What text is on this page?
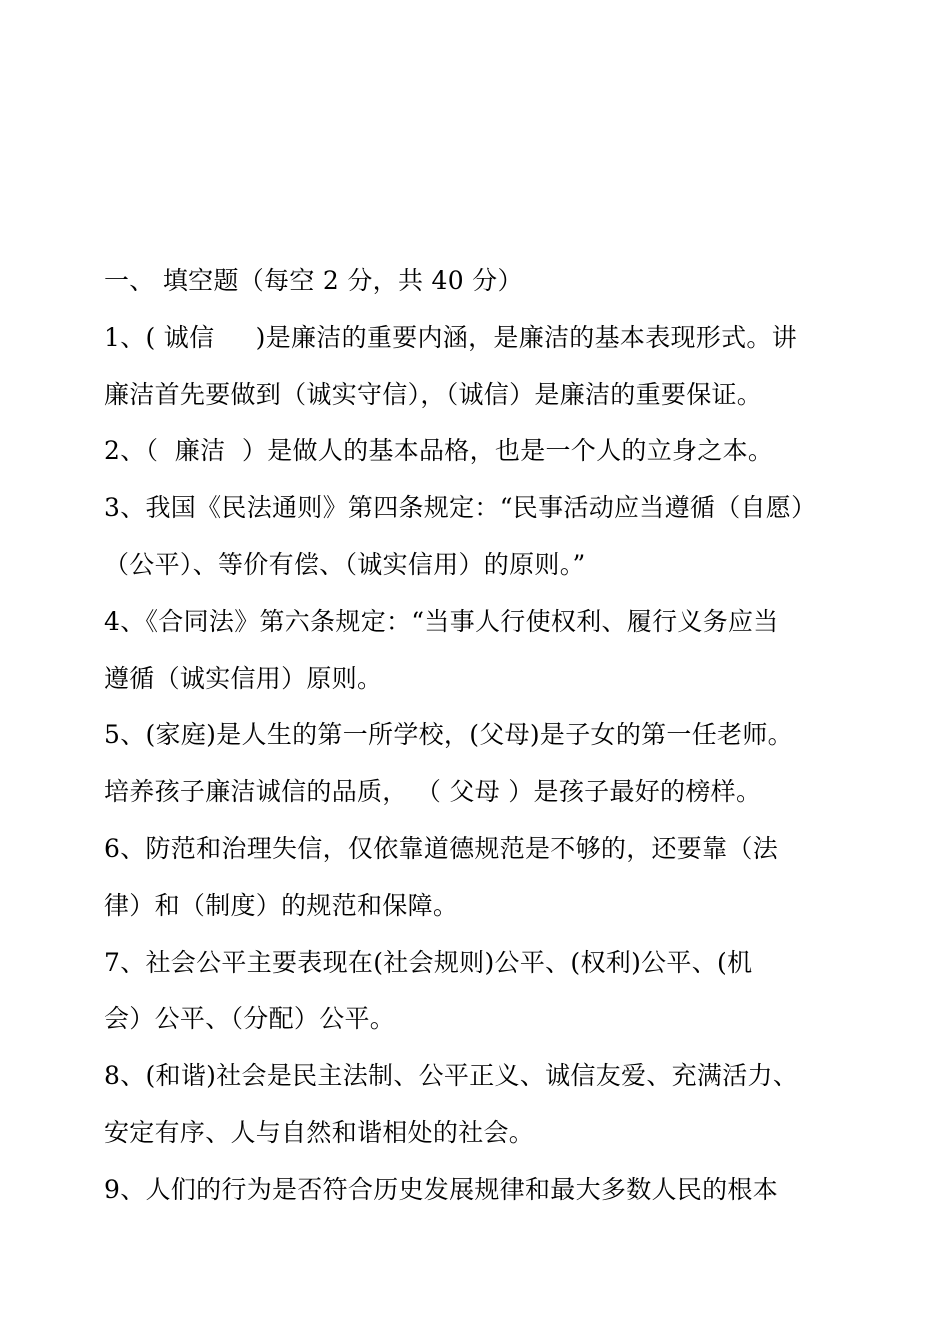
一、 填空题（每空 2 分，共 40 分）
1、( 诚信     )是廉洁的重要内涵，是廉洁的基本表现形式。讲
廉洁首先要做到（诚实守信），（诚信）是廉洁的重要保证。
2、（  廉洁  ）是做人的基本品格，也是一个人的立身之本。
3、我国《民法通则》第四条规定：“民事活动应当遵循（自愿）
（公平）、等价有偿、（诚实信用）的原则。”
4、《合同法》第六条规定：“当事人行使权利、履行义务应当
遵循（诚实信用）原则。
5、(家庭)是人生的第一所学校，(父母)是子女的第一任老师。
培养孩子廉洁诚信的品质， （ 父母 ）是孩子最好的榜样。
6、防范和治理失信，仅依靠道德规范是不够的，还要靠（法
律）和（制度）的规范和保障。
7、社会公平主要表现在(社会规则)公平、(权利)公平、(机
会）公平、（分配）公平。
8、(和谐)社会是民主法制、公平正义、诚信友爱、充满活力、
安定有序、人与自然和谐相处的社会。
9、人们的行为是否符合历史发展规律和最大多数人民的根本
